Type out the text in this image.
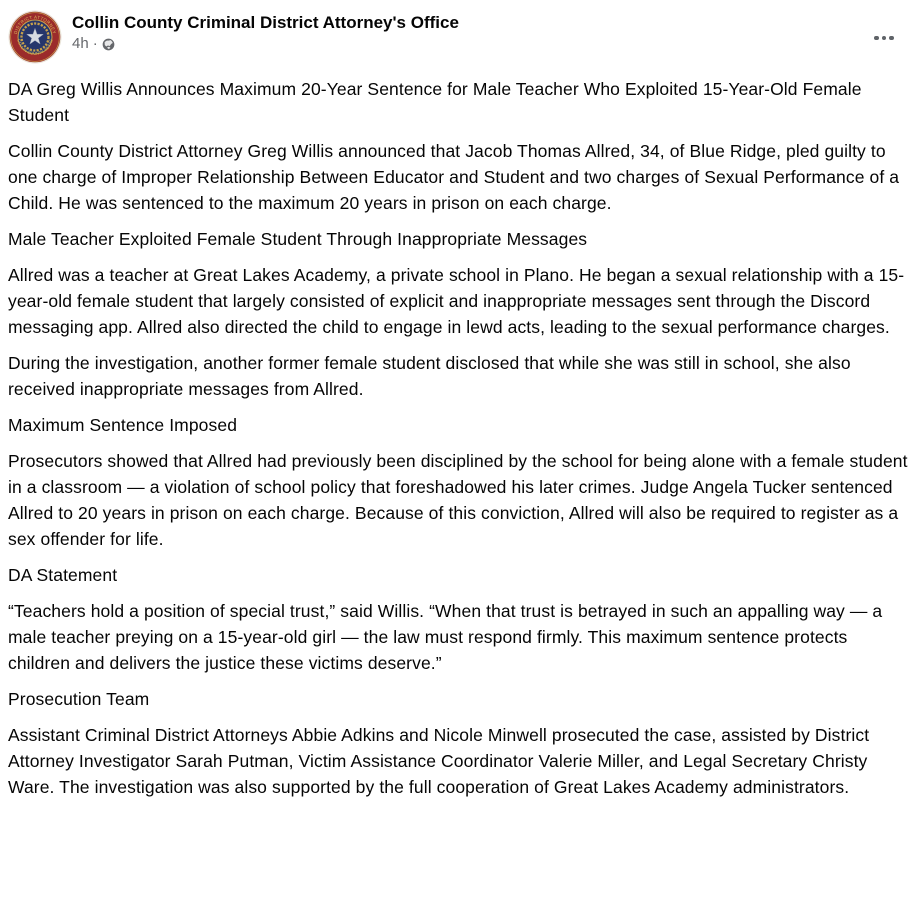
DISTRICT ATTORNEY
COLLIN COUNTY TEXAS
Collin County Criminal District Attorney's Office
4h ·

DA Greg Willis Announces Maximum 20-Year Sentence for Male Teacher Who Exploited 15-Year-Old Female Student

Collin County District Attorney Greg Willis announced that Jacob Thomas Allred, 34, of Blue Ridge, pled guilty to one charge of Improper Relationship Between Educator and Student and two charges of Sexual Performance of a Child. He was sentenced to the maximum 20 years in prison on each charge.

Male Teacher Exploited Female Student Through Inappropriate Messages

Allred was a teacher at Great Lakes Academy, a private school in Plano. He began a sexual relationship with a 15-year-old female student that largely consisted of explicit and inappropriate messages sent through the Discord messaging app. Allred also directed the child to engage in lewd acts, leading to the sexual performance charges.

During the investigation, another former female student disclosed that while she was still in school, she also received inappropriate messages from Allred.

Maximum Sentence Imposed

Prosecutors showed that Allred had previously been disciplined by the school for being alone with a female student in a classroom — a violation of school policy that foreshadowed his later crimes. Judge Angela Tucker sentenced Allred to 20 years in prison on each charge. Because of this conviction, Allred will also be required to register as a sex offender for life.

DA Statement

“Teachers hold a position of special trust,” said Willis. “When that trust is betrayed in such an appalling way — a male teacher preying on a 15-year-old girl — the law must respond firmly. This maximum sentence protects children and delivers the justice these victims deserve.”

Prosecution Team

Assistant Criminal District Attorneys Abbie Adkins and Nicole Minwell prosecuted the case, assisted by District Attorney Investigator Sarah Putman, Victim Assistance Coordinator Valerie Miller, and Legal Secretary Christy Ware. The investigation was also supported by the full cooperation of Great Lakes Academy administrators.
